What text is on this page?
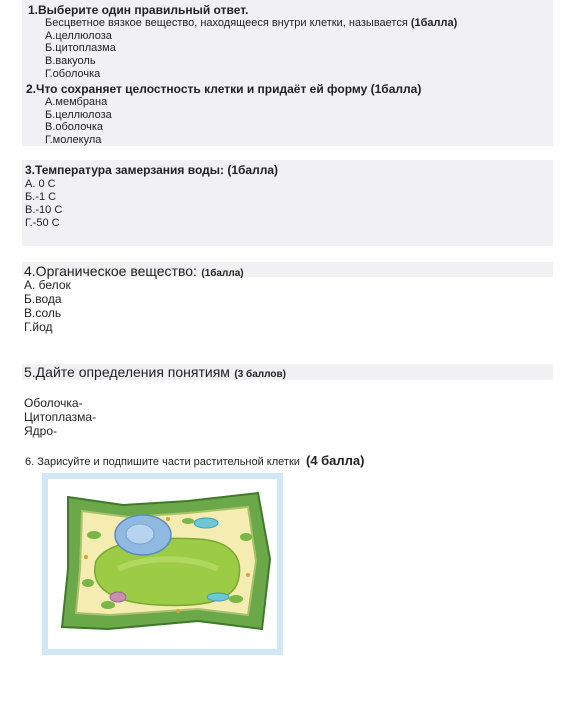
1.Выберите один правильный ответ.
Бесцветное вязкое вещество, находящееся внутри клетки, называется (1балла)
А.целлюлоза
Б.цитоплазма
В.вакуоль
Г.оболочка
2.Что сохраняет целостность клетки и придаёт ей форму (1балла)
А.мембрана
Б.целлюлоза
В.оболочка
Г.молекула
3.Температура замерзания воды: (1балла)
А. 0 С
Б.-1 С
В.-10 С
Г.-50 С
4.Органическое вещество: (1балла)
А. белок
Б.вода
В.соль
Г.йод
5.Дайте определения понятиям (3 баллов)
Оболочка-
Цитоплазма-
Ядро-
6. Зарисуйте и подпишите части растительной клетки (4 балла)
